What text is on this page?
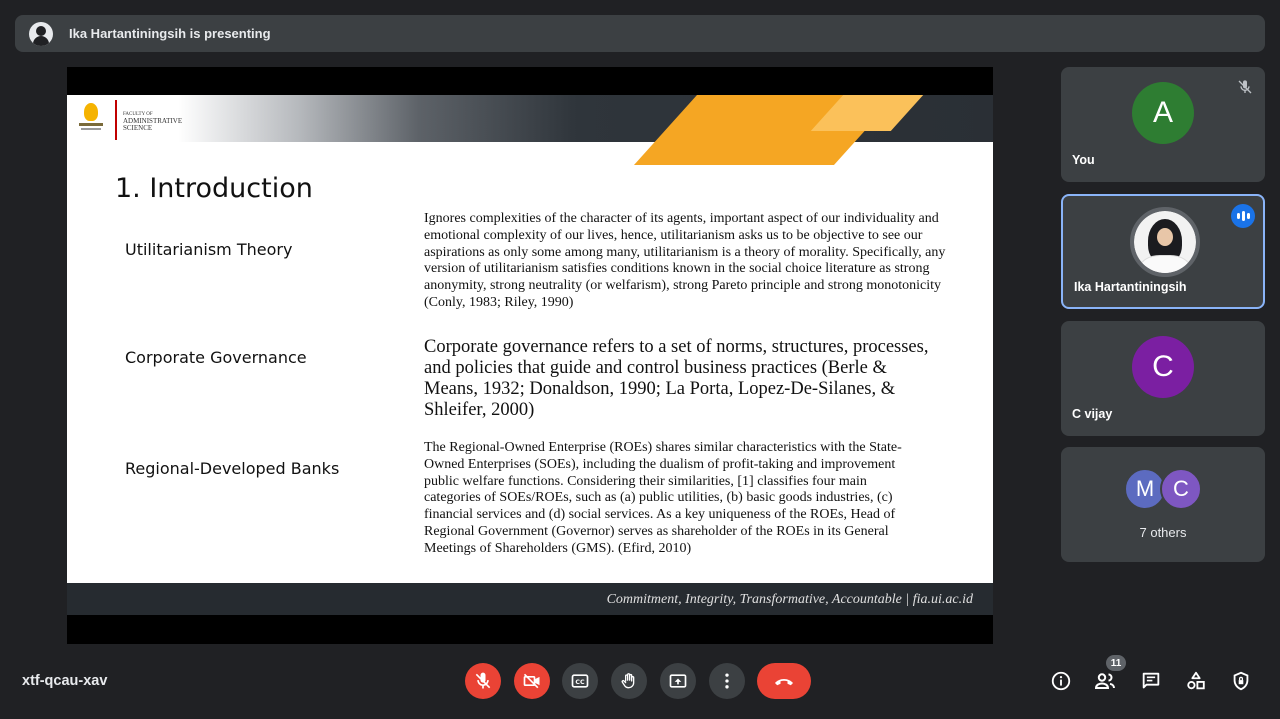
Ika Hartantiningsih is presenting
FACULTY OF
ADMINISTRATIVE
SCIENCE
1. Introduction
Utilitarianism Theory
Ignores complexities of the character of its agents, important aspect of our individuality and emotional complexity of our lives, hence, utilitarianism asks us to be objective to see our aspirations as only some among many, utilitarianism is a theory of morality. Specifically, any version of utilitarianism satisfies conditions known in the social choice literature as strong anonymity, strong neutrality (or welfarism), strong Pareto principle and strong monotonicity (Conly, 1983; Riley, 1990)
Corporate Governance
Corporate governance refers to a set of norms, structures, processes, and policies that guide and control business practices (Berle & Means, 1932; Donaldson, 1990; La Porta, Lopez-De-Silanes, & Shleifer, 2000)
Regional-Developed Banks
The Regional-Owned Enterprise (ROEs) shares similar characteristics with the State-Owned Enterprises (SOEs), including the dualism of profit-taking and improvement public welfare functions. Considering their similarities, [1] classifies four main categories of SOEs/ROEs, such as (a) public utilities, (b) basic goods industries, (c) financial services and (d) social services. As a key uniqueness of the ROEs, Head of Regional Government (Governor) serves as shareholder of the ROEs in its General Meetings of Shareholders (GMS). (Efird, 2010)
Commitment, Integrity, Transformative, Accountable | fia.ui.ac.id
A
You
Ika Hartantiningsih
C
C vijay
M C
7 others
xtf-qcau-xav	CC
11
